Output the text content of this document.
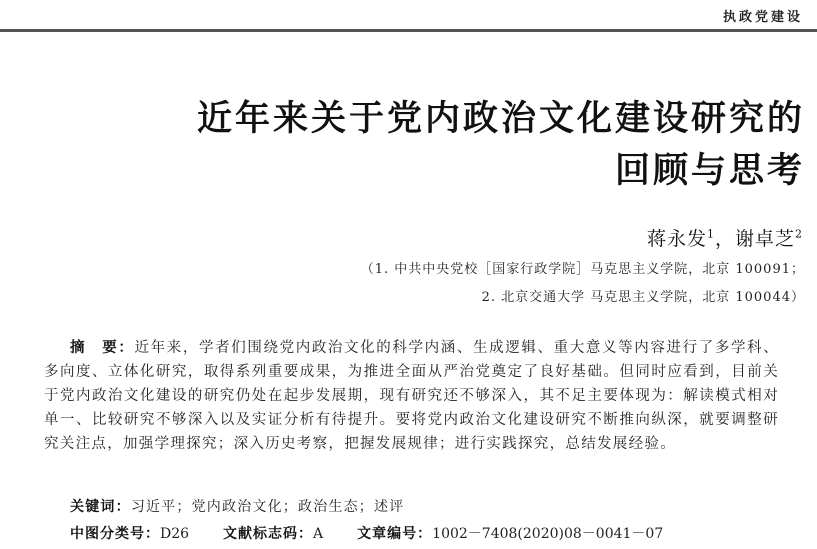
执政党建设
近年来关于党内政治文化建设研究的
回顾与思考
蒋永发$^1$，谢卓芝$^2$
（1. 中共中央党校［国家行政学院］马克思主义学院，北京 100091；
2. 北京交通大学 马克思主义学院，北京 100044）
摘　要：近年来，学者们围绕党内政治文化的科学内涵、生成逻辑、重大意义等内容进行了多学科、多向度、立体化研究，取得系列重要成果，为推进全面从严治党奠定了良好基础。但同时应看到，目前关于党内政治文化建设的研究仍处在起步发展期，现有研究还不够深入，其不足主要体现为：解读模式相对单一、比较研究不够深入以及实证分析有待提升。要将党内政治文化建设研究不断推向纵深，就要调整研究关注点，加强学理探究；深入历史考察，把握发展规律；进行实践探究，总结发展经验。
关键词：习近平；党内政治文化；政治生态；述评
中图分类号：D26 文献标志码：A 文章编号：1002－7408(2020)08－0041－07
